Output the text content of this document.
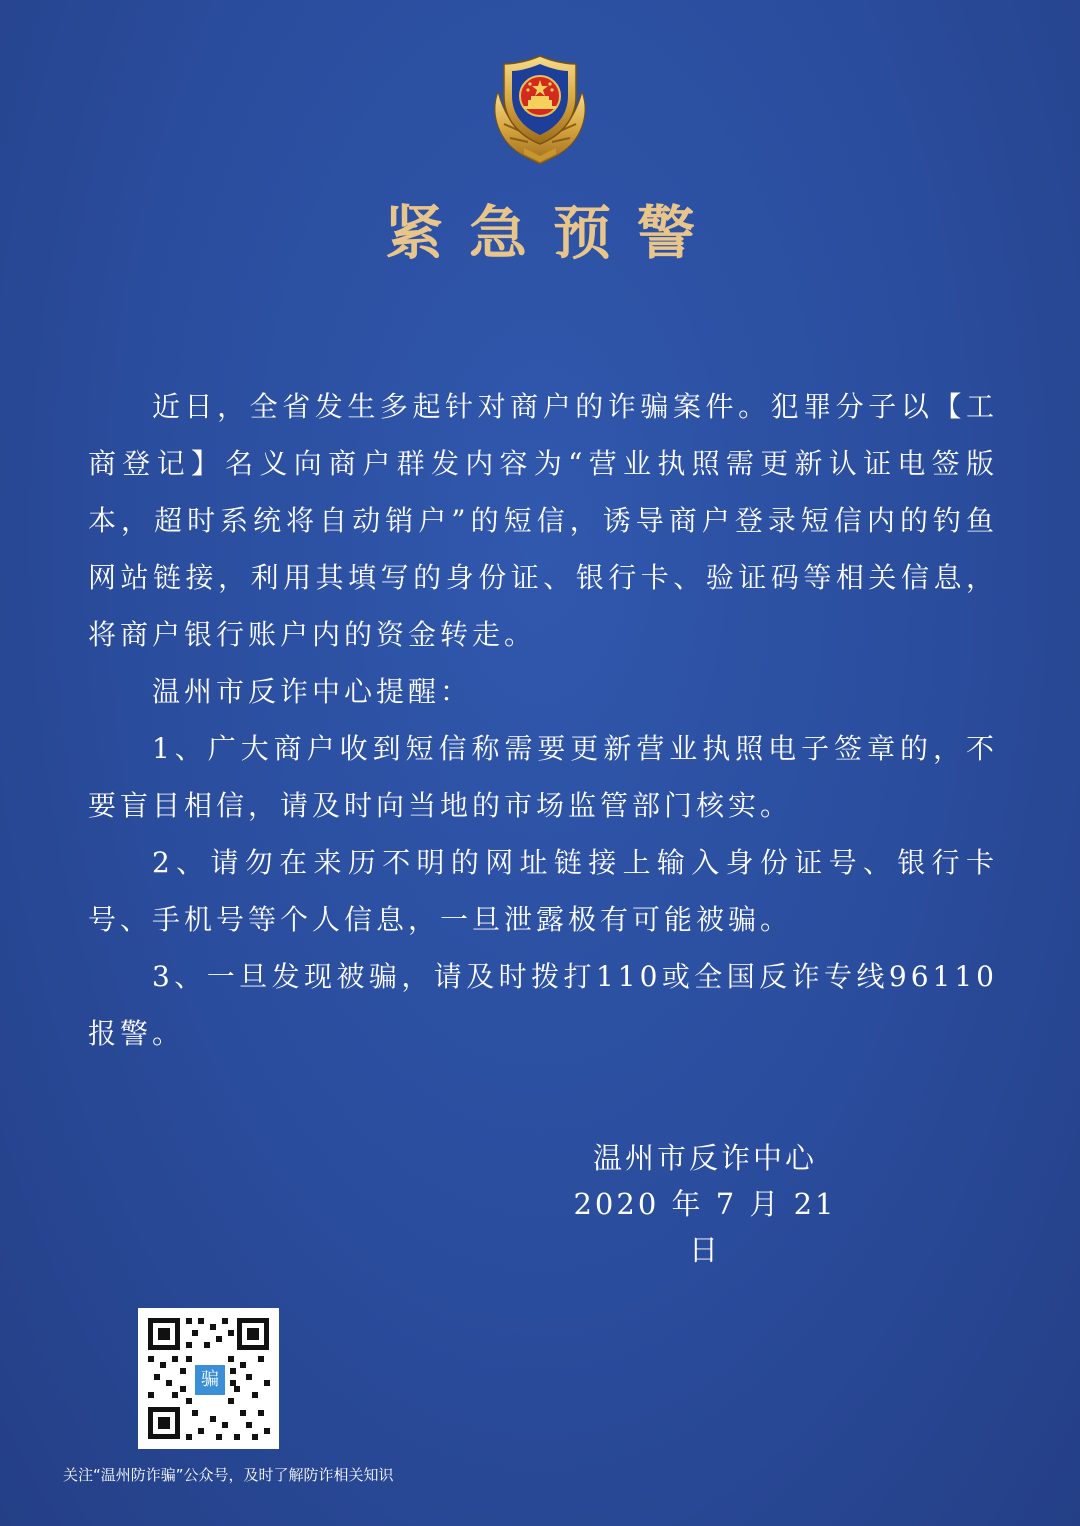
紧急预警

近日，全省发生多起针对商户的诈骗案件。犯罪分子以【工商登记】名义向商户群发内容为“营业执照需更新认证电签版本，超时系统将自动销户”的短信，诱导商户登录短信内的钓鱼网站链接，利用其填写的身份证、银行卡、验证码等相关信息，将商户银行账户内的资金转走。

温州市反诈中心提醒：

1、广大商户收到短信称需要更新营业执照电子签章的，不要盲目相信，请及时向当地的市场监管部门核实。

2、请勿在来历不明的网址链接上输入身份证号、银行卡号、手机号等个人信息，一旦泄露极有可能被骗。

3、一旦发现被骗，请及时拨打110或全国反诈专线96110报警。

温州市反诈中心
2020 年 7 月 21 日
骗
关注“温州防诈骗”公众号，及时了解防诈相关知识
